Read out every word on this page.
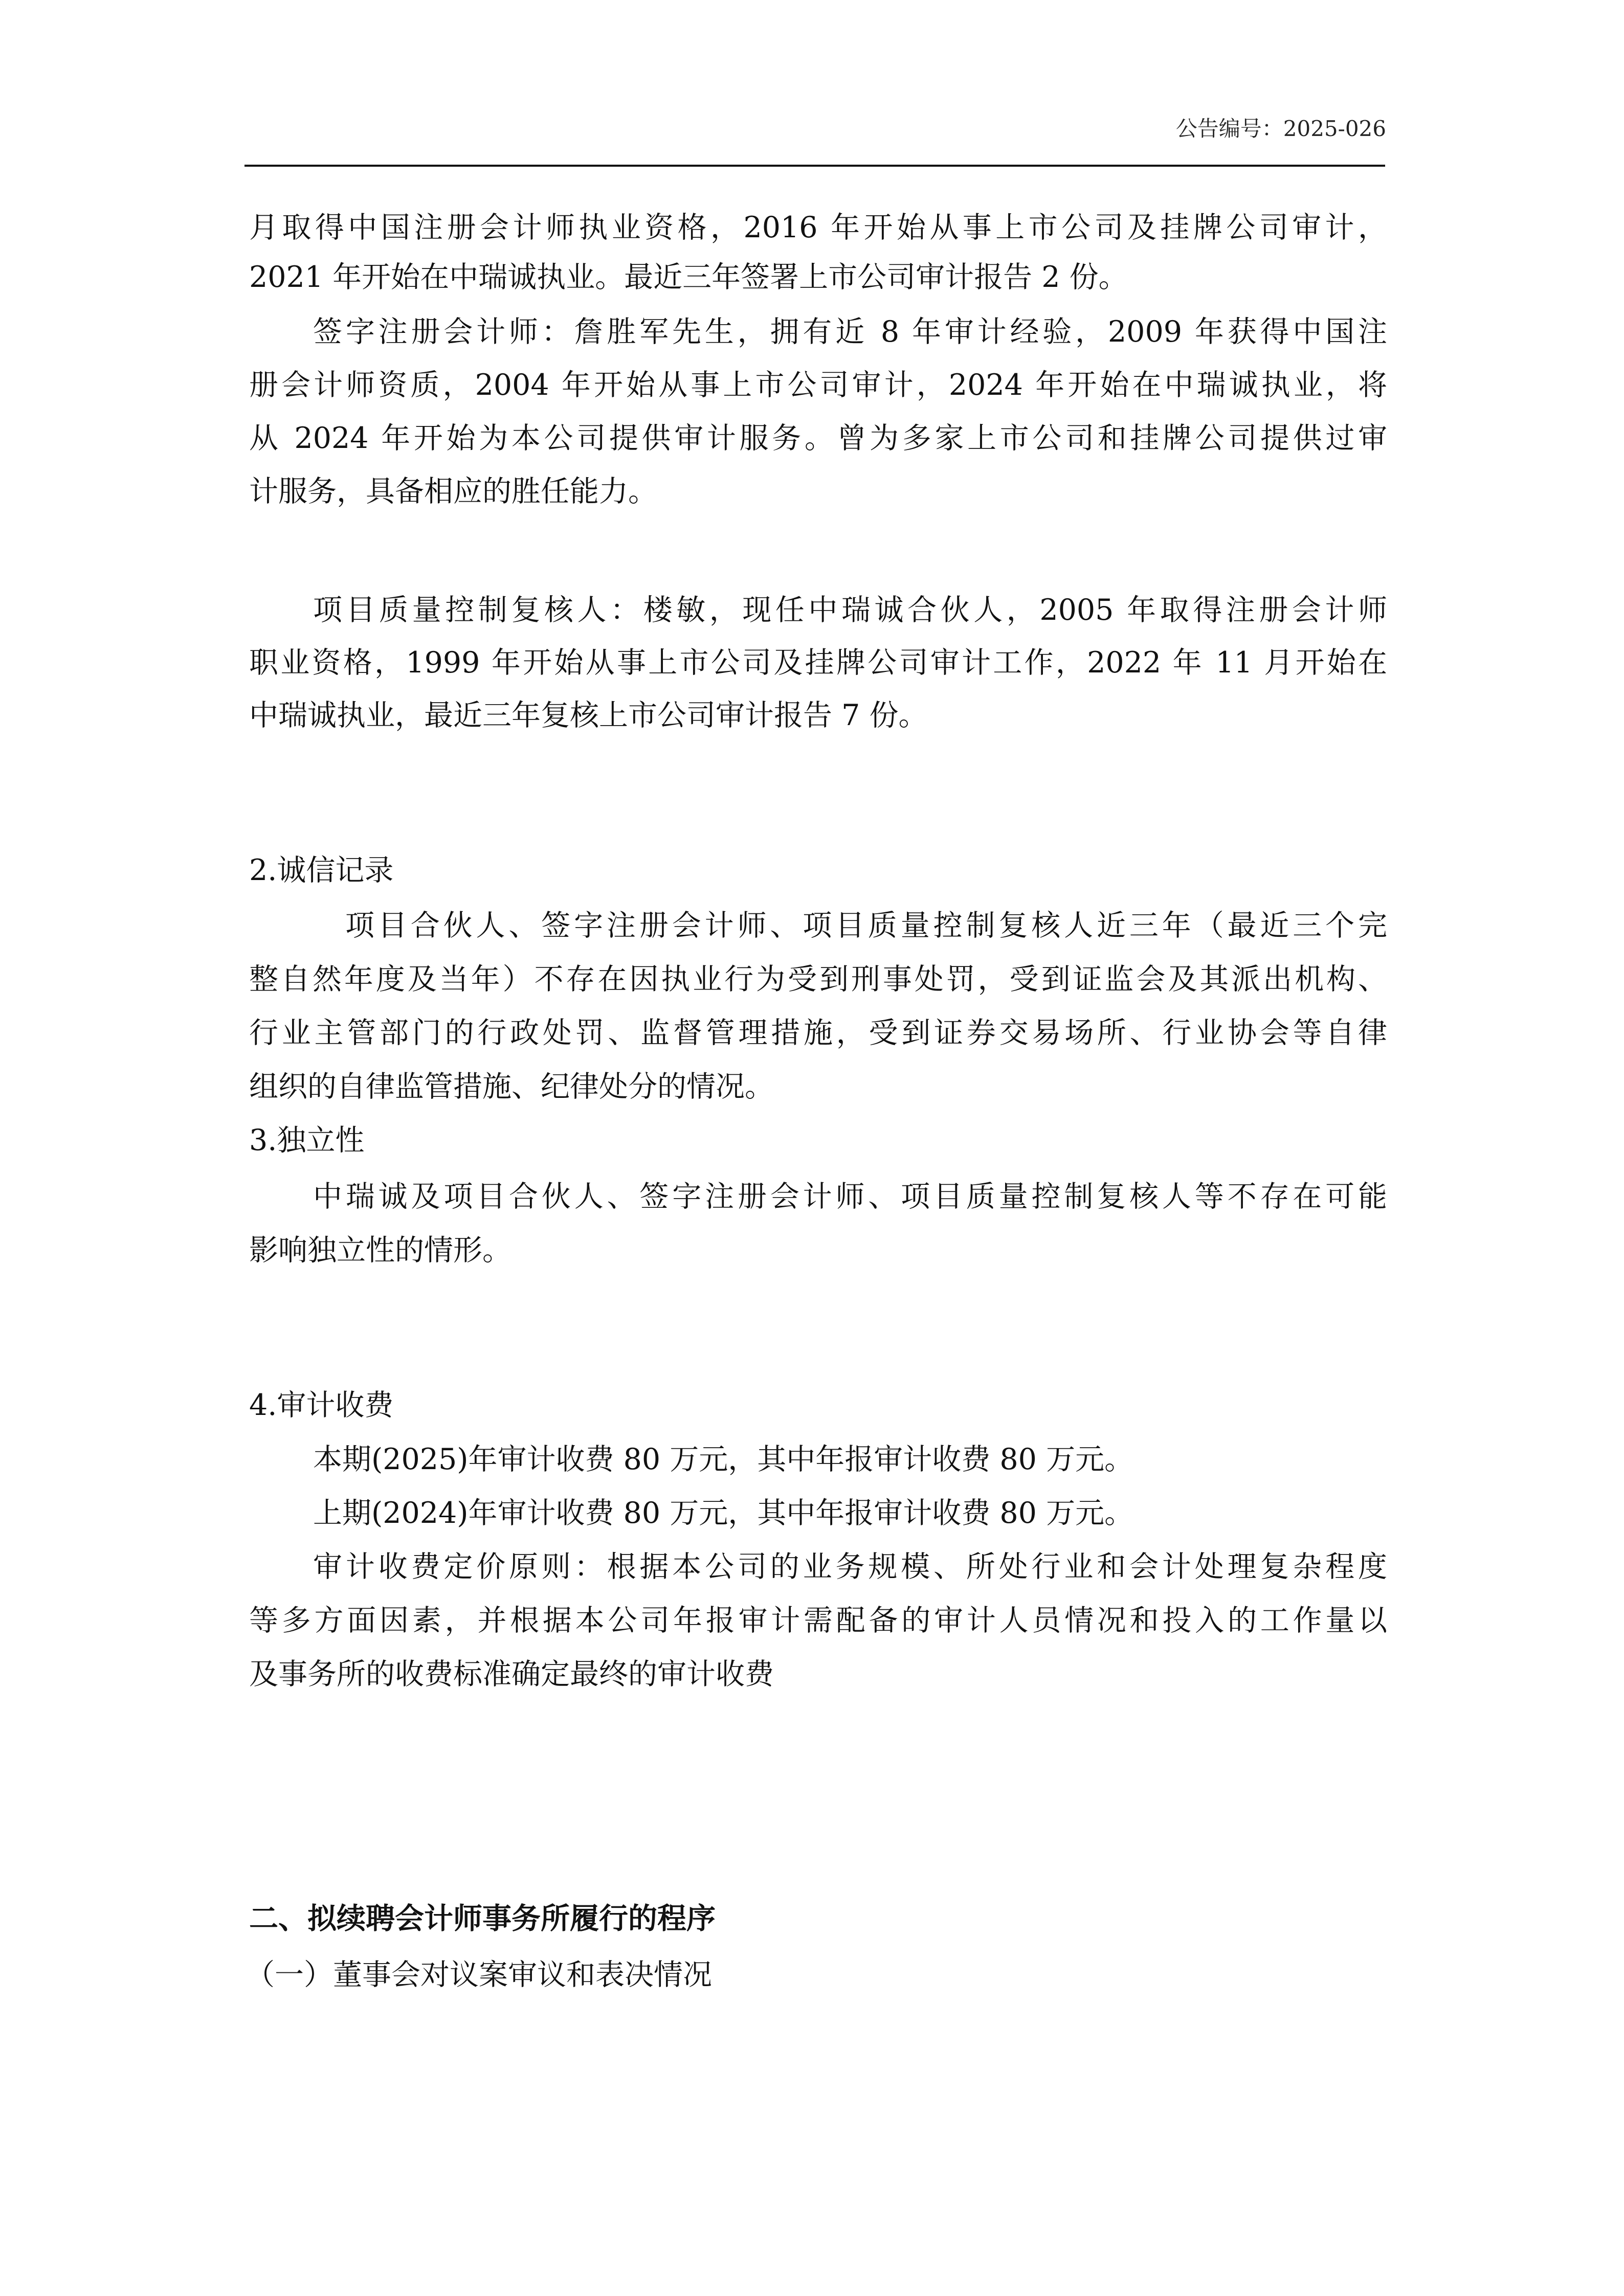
公告编号：2025-026
月取得中国注册会计师执业资格，2016 年开始从事上市公司及挂牌公司审计，
2021 年开始在中瑞诚执业。最近三年签署上市公司审计报告 2 份。
签字注册会计师：詹胜军先生，拥有近 8 年审计经验，2009 年获得中国注
册会计师资质，2004 年开始从事上市公司审计，2024 年开始在中瑞诚执业，将
从 2024 年开始为本公司提供审计服务。曾为多家上市公司和挂牌公司提供过审
计服务，具备相应的胜任能力。
项目质量控制复核人：楼敏，现任中瑞诚合伙人，2005 年取得注册会计师
职业资格，1999 年开始从事上市公司及挂牌公司审计工作，2022 年 11 月开始在
中瑞诚执业，最近三年复核上市公司审计报告 7 份。
2.诚信记录
项目合伙人、签字注册会计师、项目质量控制复核人近三年（最近三个完
整自然年度及当年）不存在因执业行为受到刑事处罚，受到证监会及其派出机构、
行业主管部门的行政处罚、监督管理措施，受到证券交易场所、行业协会等自律
组织的自律监管措施、纪律处分的情况。
3.独立性
中瑞诚及项目合伙人、签字注册会计师、项目质量控制复核人等不存在可能
影响独立性的情形。
4.审计收费
本期(2025)年审计收费 80 万元，其中年报审计收费 80 万元。
上期(2024)年审计收费 80 万元，其中年报审计收费 80 万元。
审计收费定价原则：根据本公司的业务规模、所处行业和会计处理复杂程度
等多方面因素，并根据本公司年报审计需配备的审计人员情况和投入的工作量以
及事务所的收费标准确定最终的审计收费
二、拟续聘会计师事务所履行的程序
（一）董事会对议案审议和表决情况
